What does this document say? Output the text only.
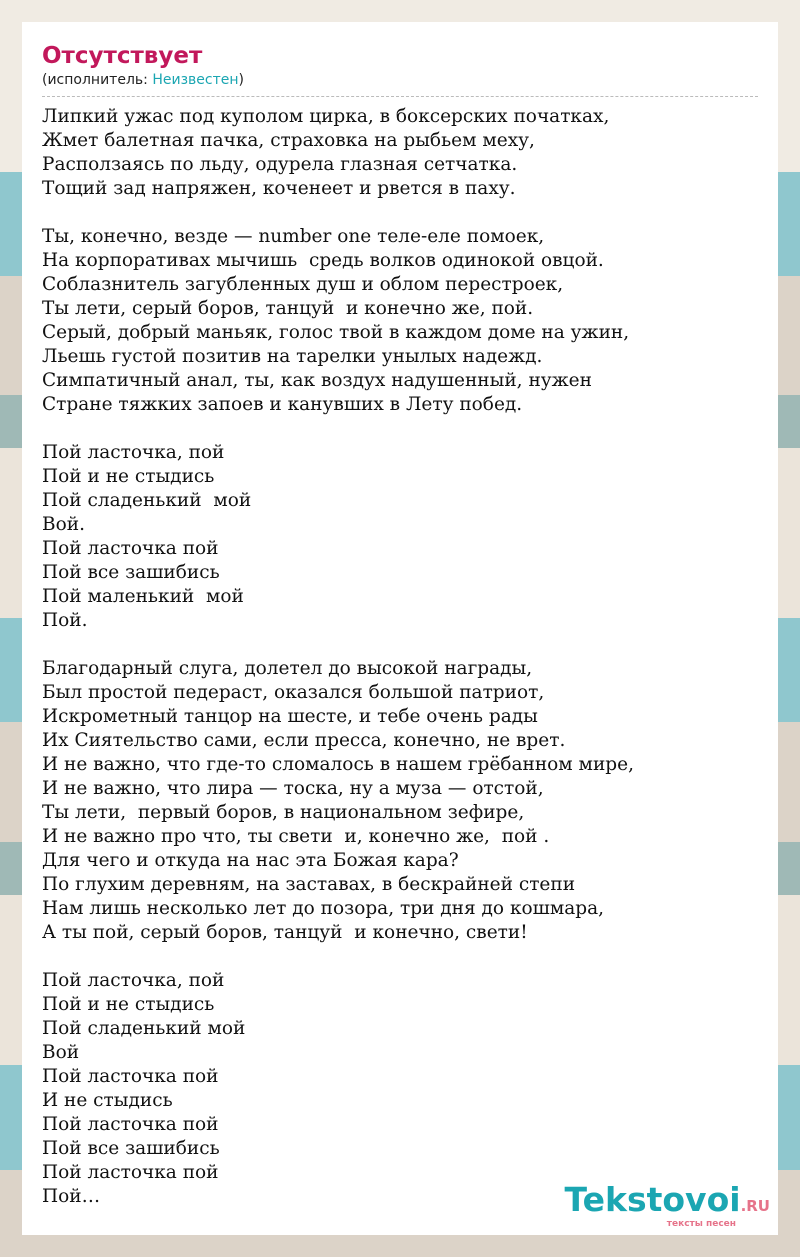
Отсутствует

(исполнитель: Неизвестен)

Липкий ужас под куполом цирка, в боксерских початках,
Жмет балетная пачка, страховка на рыбьем меху,
Расползаясь по льду, одурела глазная сетчатка.
Тощий зад напряжен, коченеет и рвется в паху.
Ты, конечно, везде — number one теле-еле помоек,
На корпоративах мычишь  средь волков одинокой овцой.
Соблазнитель загубленных душ и облом перестроек,
Ты лети, серый боров, танцуй  и конечно же, пой.
Серый, добрый маньяк, голос твой в каждом доме на ужин,
Льешь густой позитив на тарелки унылых надежд.
Симпатичный анал, ты, как воздух надушенный, нужен
Стране тяжких запоев и канувших в Лету побед.
Пой ласточка, пой
Пой и не стыдись
Пой сладенький  мой
Вой.
Пой ласточка пой
Пой все зашибись
Пой маленький  мой
Пой.
Благодарный слуга, долетел до высокой награды,
Был простой педераст, оказался большой патриот,
Искрометный танцор на шесте, и тебе очень рады
Их Сиятельство сами, если пресса, конечно, не врет.
И не важно, что где-то сломалось в нашем грёбанном мире,
И не важно, что лира — тоска, ну а муза — отстой,
Ты лети,  первый боров, в национальном зефире,
И не важно про что, ты свети  и, конечно же,  пой .
Для чего и откуда на нас эта Божая кара?
По глухим деревням, на заставах, в бескрайней степи
Нам лишь несколько лет до позора, три дня до кошмара,
А ты пой, серый боров, танцуй  и конечно, свети!
Пой ласточка, пой
Пой и не стыдись
Пой сладенький мой
Вой
Пой ласточка пой
И не стыдись
Пой ласточка пой
Пой все зашибись
Пой ласточка пой
Пой…	Tekstovoi.RU
тексты песен
